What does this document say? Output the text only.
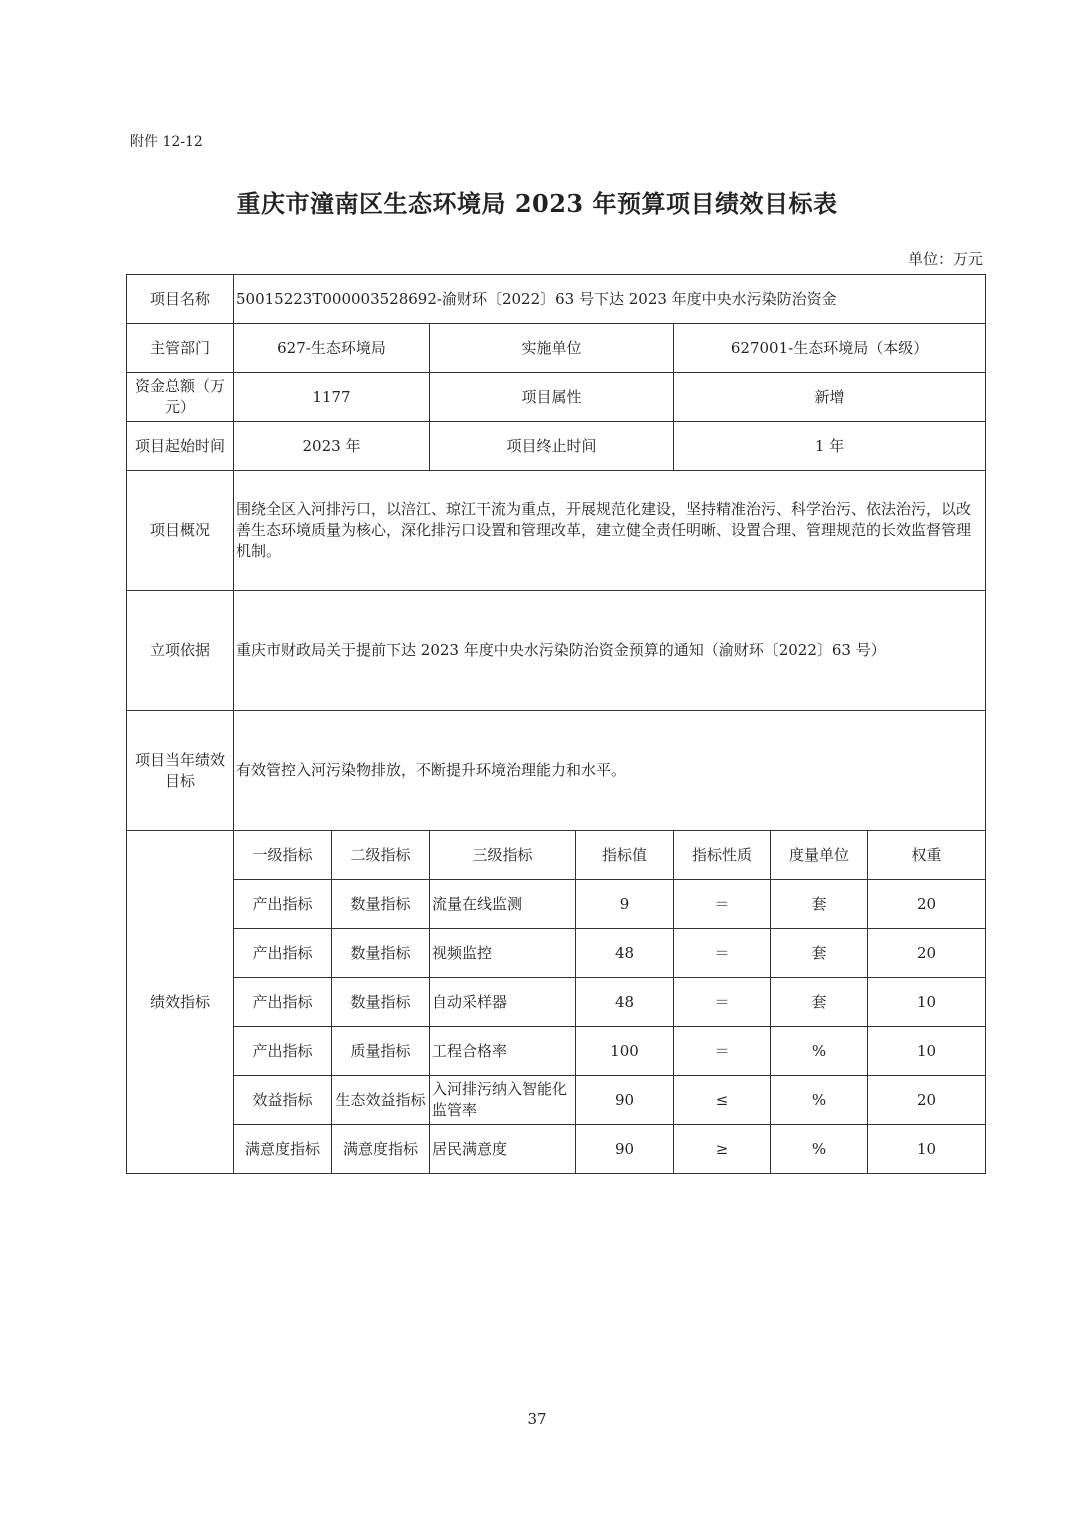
附件 12-12
重庆市潼南区生态环境局 2023 年预算项目绩效目标表
单位：万元
项目名称	50015223T000003528692-渝财环〔2022〕63 号下达 2023 年度中央水污染防治资金						
主管部门	627-生态环境局		实施单位		627001-生态环境局（本级）		
资金总额（万元）	1177		项目属性		新增		
项目起始时间	2023 年		项目终止时间		1 年		
项目概况	围绕全区入河排污口，以涪江、琼江干流为重点，开展规范化建设，坚持精准治污、科学治污、依法治污，以改善生态环境质量为核心，深化排污口设置和管理改革，建立健全责任明晰、设置合理、管理规范的长效监督管理机制。						
立项依据	重庆市财政局关于提前下达 2023 年度中央水污染防治资金预算的通知（渝财环〔2022〕63 号）						
项目当年绩效目标	有效管控入河污染物排放，不断提升环境治理能力和水平。						
绩效指标	一级指标	二级指标	三级指标	指标值	指标性质	度量单位	权重
	产出指标	数量指标	流量在线监测	9	＝	套	20
	产出指标	数量指标	视频监控	48	＝	套	20
	产出指标	数量指标	自动采样器	48	＝	套	10
	产出指标	质量指标	工程合格率	100	＝	%	10
	效益指标	生态效益指标	入河排污纳入智能化监管率	90	≤	%	20
	满意度指标	满意度指标	居民满意度	90	≥	%	10
37
